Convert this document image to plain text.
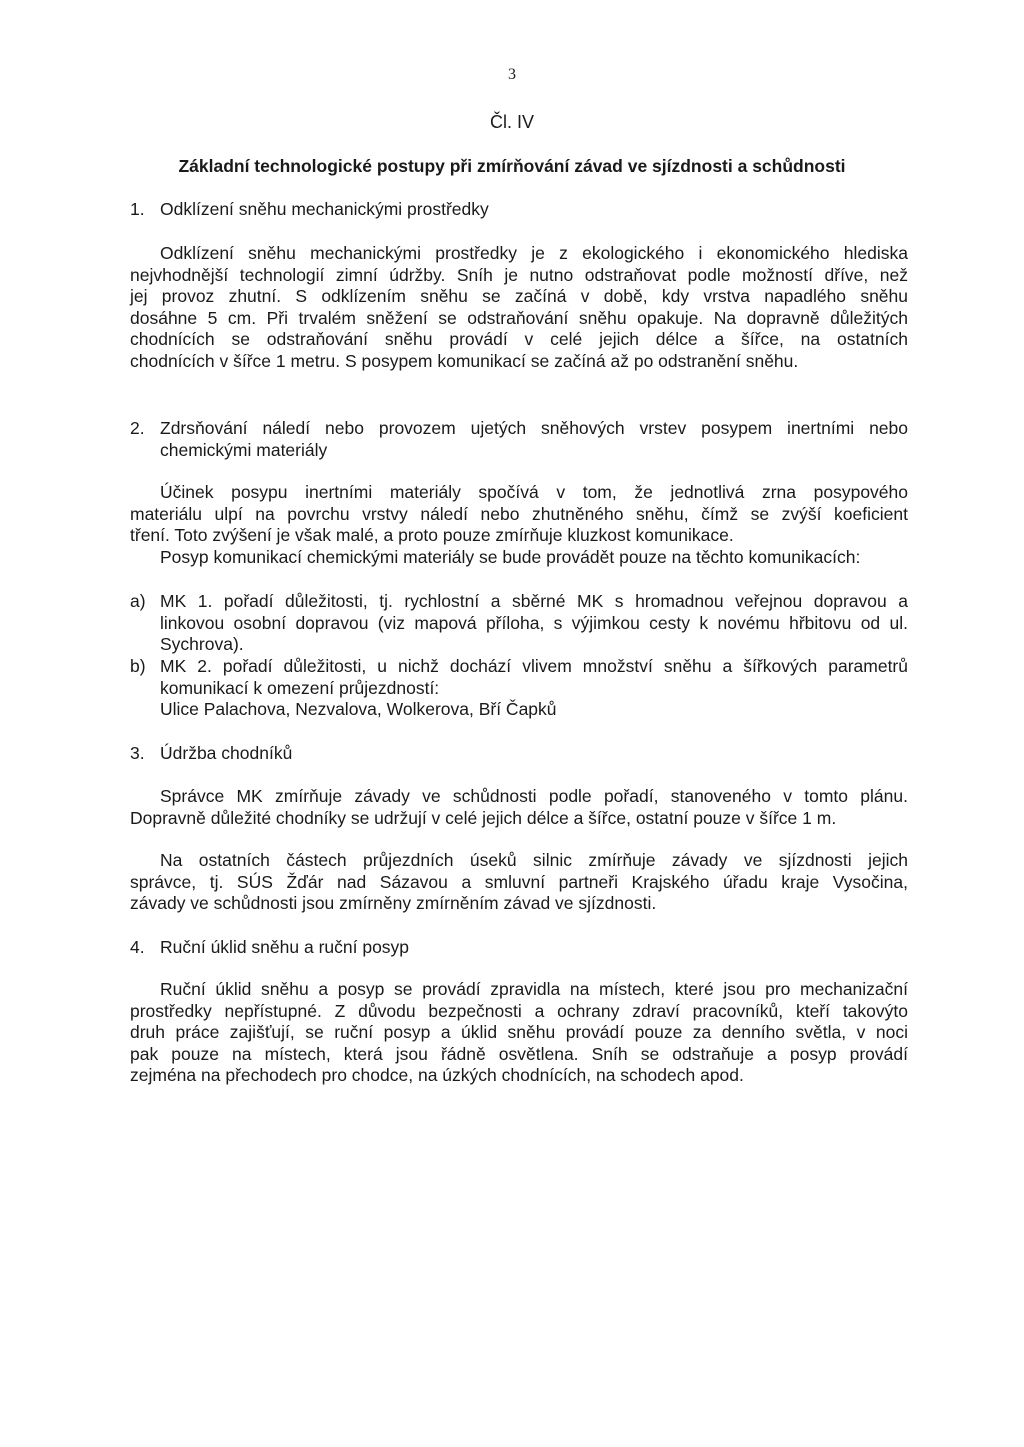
3
Čl. IV
Základní technologické postupy při zmírňování závad ve sjízdnosti a schůdnosti
1. Odklízení sněhu mechanickými prostředky
Odklízení sněhu mechanickými prostředky je z ekologického i ekonomického hlediska
nejvhodnější technologií zimní údržby. Sníh je nutno odstraňovat podle možností dříve, než
jej provoz zhutní. S odklízením sněhu se začíná v době, kdy vrstva napadlého sněhu
dosáhne 5 cm. Při trvalém sněžení se odstraňování sněhu opakuje. Na dopravně důležitých
chodnících se odstraňování sněhu provádí v celé jejich délce a šířce, na ostatních
chodnících v šířce 1 metru. S posypem komunikací se začíná až po odstranění sněhu.
2. Zdrsňování náledí nebo provozem ujetých sněhových vrstev posypem inertními nebo
chemickými materiály
Účinek posypu inertními materiály spočívá v tom, že jednotlivá zrna posypového
materiálu ulpí na povrchu vrstvy náledí nebo zhutněného sněhu, čímž se zvýší koeficient
tření. Toto zvýšení je však malé, a proto pouze zmírňuje kluzkost komunikace.
Posyp komunikací chemickými materiály se bude provádět pouze na těchto komunikacích:
a) MK 1. pořadí důležitosti, tj. rychlostní a sběrné MK s hromadnou veřejnou dopravou a
linkovou osobní dopravou (viz mapová příloha, s výjimkou cesty k novému hřbitovu od ul.
Sychrova).
b) MK 2. pořadí důležitosti, u nichž dochází vlivem množství sněhu a šířkových parametrů
komunikací k omezení průjezdností:
Ulice Palachova, Nezvalova, Wolkerova, Bří Čapků
3. Údržba chodníků
Správce MK zmírňuje závady ve schůdnosti podle pořadí, stanoveného v tomto plánu.
Dopravně důležité chodníky se udržují v celé jejich délce a šířce, ostatní pouze v šířce 1 m.
Na ostatních částech průjezdních úseků silnic zmírňuje závady ve sjízdnosti jejich
správce, tj. SÚS Žďár nad Sázavou a smluvní partneři Krajského úřadu kraje Vysočina,
závady ve schůdnosti jsou zmírněny zmírněním závad ve sjízdnosti.
4. Ruční úklid sněhu a ruční posyp
Ruční úklid sněhu a posyp se provádí zpravidla na místech, které jsou pro mechanizační
prostředky nepřístupné. Z důvodu bezpečnosti a ochrany zdraví pracovníků, kteří takovýto
druh práce zajišťují, se ruční posyp a úklid sněhu provádí pouze za denního světla, v noci
pak pouze na místech, která jsou řádně osvětlena. Sníh se odstraňuje a posyp provádí
zejména na přechodech pro chodce, na úzkých chodnících, na schodech apod.
